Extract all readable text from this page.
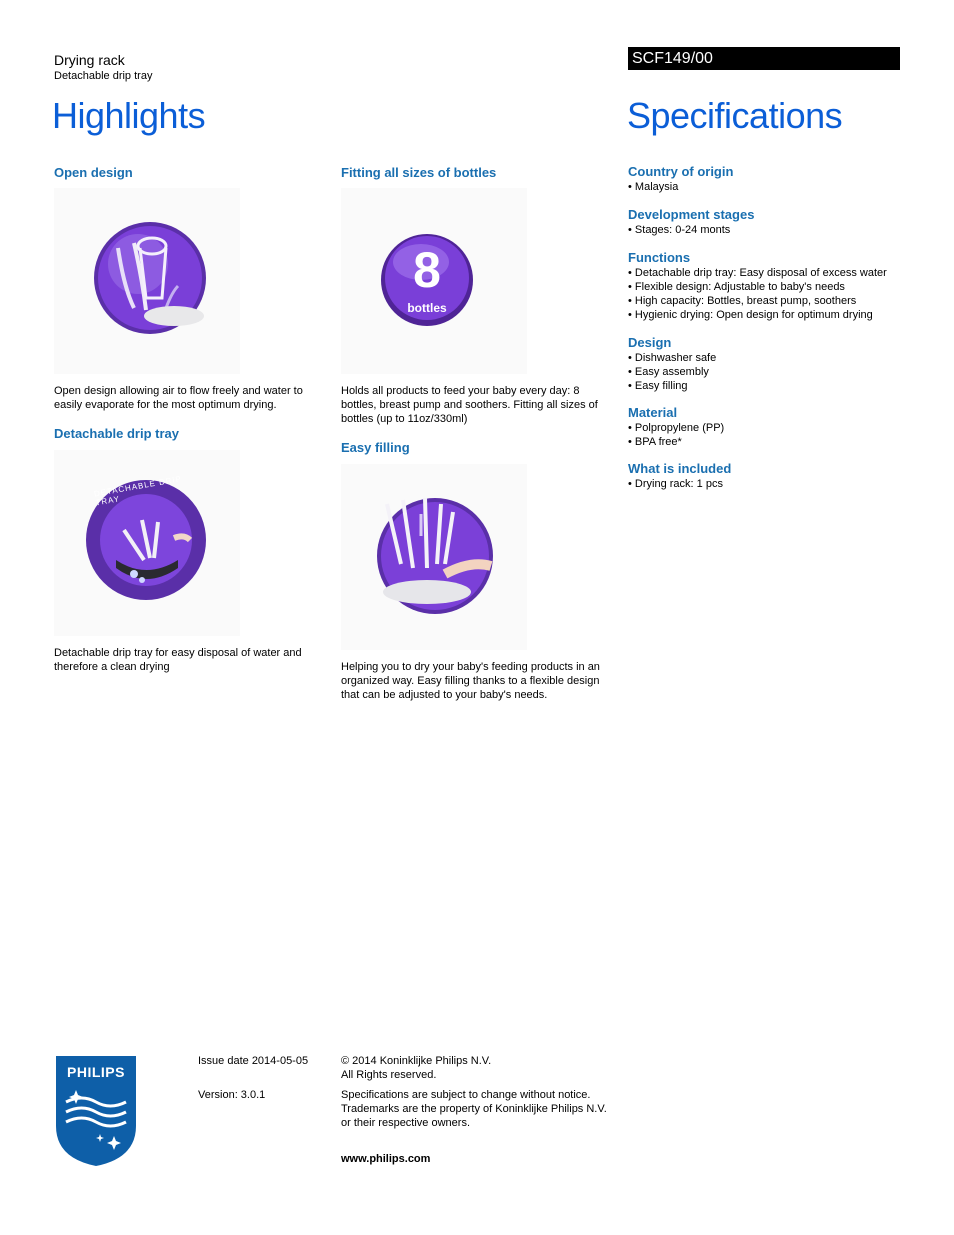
Drying rack
Detachable drip tray
SCF149/00
Highlights	Specifications
Open design
Open design allowing air to flow freely and water to easily evaporate for the most optimum drying.
Detachable drip tray
DETACHABLE DRIP TRAY
Detachable drip tray for easy disposal of water and therefore a clean drying
Fitting all sizes of bottles
8
bottles
Holds all products to feed your baby every day: 8 bottles, breast pump and soothers. Fitting all sizes of bottles (up to 11oz/330ml)
Easy filling
Helping you to dry your baby's feeding products in an organized way. Easy filling thanks to a flexible design that can be adjusted to your baby's needs.
Country of origin
• Malaysia
Development stages
• Stages: 0-24 monts
Functions
• Detachable drip tray: Easy disposal of excess water
• Flexible design: Adjustable to baby's needs
• High capacity: Bottles, breast pump, soothers
• Hygienic drying: Open design for optimum drying
Design
• Dishwasher safe
• Easy assembly
• Easy filling
Material
• Polpropylene (PP)
• BPA free*
What is included
• Drying rack: 1 pcs
PHILIPS
Issue date 2014-05-05
Version: 3.0.1
© 2014 Koninklijke Philips N.V.
All Rights reserved.
Specifications are subject to change without notice.
Trademarks are the property of Koninklijke Philips N.V.
or their respective owners.
www.philips.com
